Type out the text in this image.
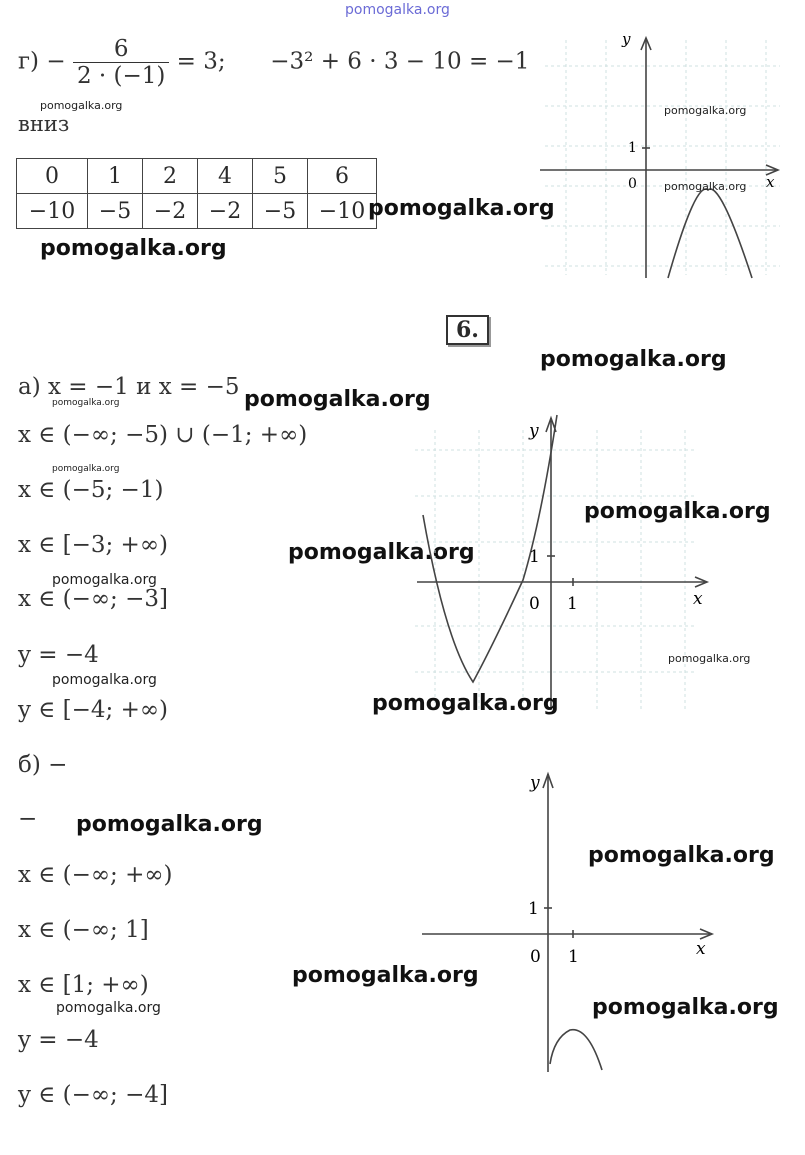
pomogalka.org
$г) - \frac{6}{2 \cdot (-1)} = 3$; −3² + 6 · 3 − 10 = −1
pomogalka.org
вниз
0	1	2	4	5	6
−10	−5	−2	−2	−5	−10 pomogalka.org
pomogalka.org
y
x
0
1
pomogalka.org
pomogalka.org
6.
pomogalka.org
а) x = −1 и x = −5
pomogalka.org	pomogalka.org
x ∈ (−∞; −5) ∪ (−1; +∞)
pomogalka.org
x ∈ (−5; −1)
x ∈ [−3; +∞)	pomogalka.org
pomogalka.org
x ∈ (−∞; −3]
y = −4
pomogalka.org
y ∈ [−4; +∞)
y
x
0 1
1
pomogalka.org
pomogalka.org
pomogalka.org
б) −
− pomogalka.org
x ∈ (−∞; +∞)
x ∈ (−∞; 1]
x ∈ [1; +∞)
pomogalka.org
y = −4
y ∈ (−∞; −4]
y
x
0 1
1
pomogalka.org
pomogalka.org
pomogalka.org
